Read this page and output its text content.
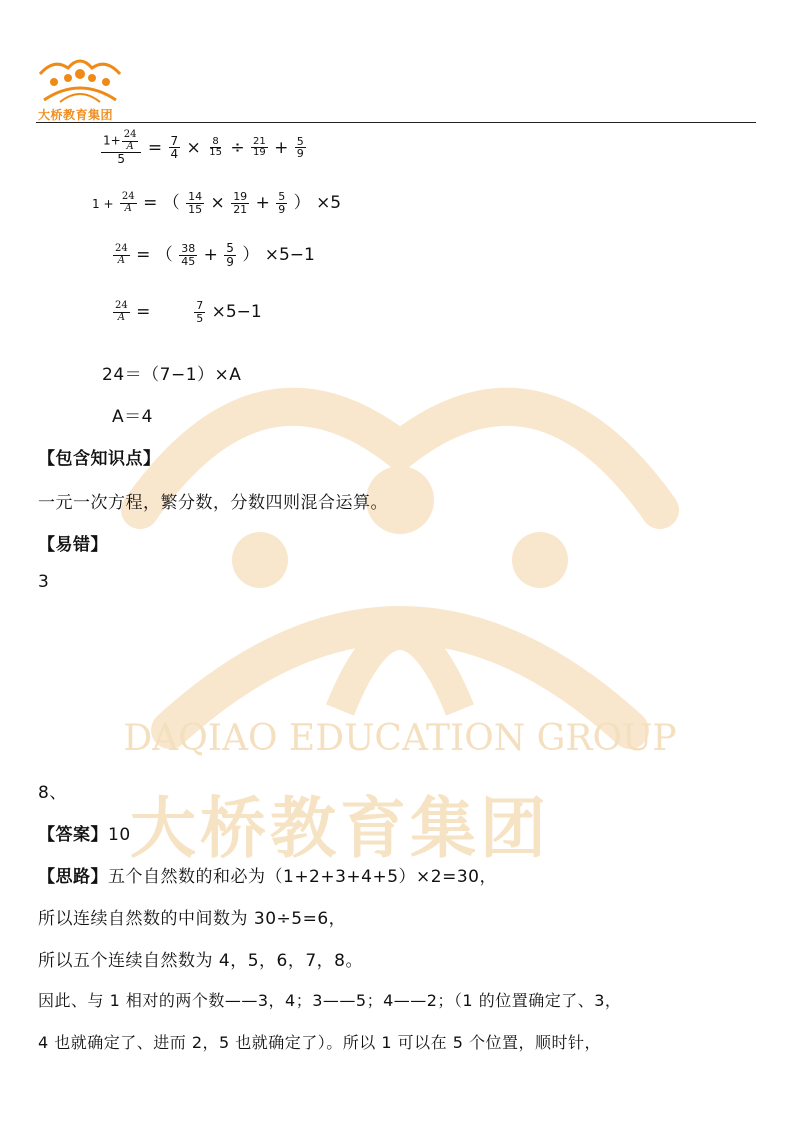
大桥教育集团
DAQIAO EDUCATION GROUP
大桥教育集团
$\frac{1+ \frac{24}{A}}{5} = \frac{7}{4} \times \frac{8}{15} \div \frac{21}{19} + \frac{5}{9}$
$1 + \frac{24}{A}$ = （ $\frac{14}{15} \times \frac{19}{21} + \frac{5}{9}$ ） ×5
$\frac{24}{A}$ = （ $\frac{38}{45} + \frac{5}{9}$ ） ×5−1
$\frac{24}{A}$ =	$\frac{7}{5} \times 5-1$
24＝（7−1）×A
A＝4
【包含知识点】
一元一次方程，繁分数，分数四则混合运算。
【易错】
3
8、
【答案】10
【思路】五个自然数的和必为（1+2+3+4+5）×2=30，
所以连续自然数的中间数为 30÷5=6，
所以五个连续自然数为 4，5，6，7，8。
因此、与 1 相对的两个数——3，4；3——5；4——2；（1 的位置确定了、3，
4 也就确定了、进而 2，5 也就确定了）。所以 1 可以在 5 个位置，顺时针，
